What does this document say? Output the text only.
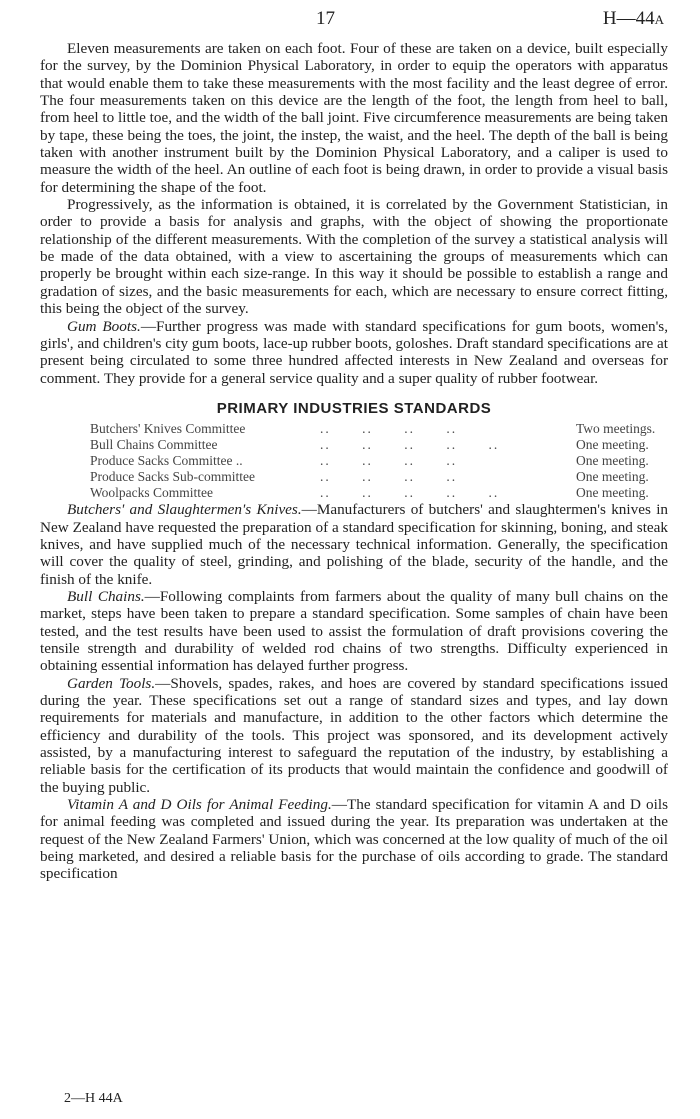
17	H—44A

Eleven measurements are taken on each foot. Four of these are taken on a device, built especially for the survey, by the Dominion Physical Laboratory, in order to equip the operators with apparatus that would enable them to take these measurements with the most facility and the least degree of error. The four measurements taken on this device are the length of the foot, the length from heel to ball, from heel to little toe, and the width of the ball joint. Five circumference measurements are being taken by tape, these being the toes, the joint, the instep, the waist, and the heel. The depth of the ball is being taken with another instrument built by the Dominion Physical Laboratory, and a caliper is used to measure the width of the heel. An outline of each foot is being drawn, in order to provide a visual basis for determining the shape of the foot.

Progressively, as the information is obtained, it is correlated by the Government Statistician, in order to provide a basis for analysis and graphs, with the object of showing the proportionate relationship of the different measurements. With the completion of the survey a statistical analysis will be made of the data obtained, with a view to ascertaining the groups of measurements which can properly be brought within each size-range. In this way it should be possible to establish a range and gradation of sizes, and the basic measurements for each, which are necessary to ensure correct fitting, this being the object of the survey.

Gum Boots.—Further progress was made with standard specifications for gum boots, women's, girls', and children's city gum boots, lace-up rubber boots, goloshes. Draft standard specifications are at present being circulated to some three hundred affected interests in New Zealand and overseas for comment. They provide for a general service quality and a super quality of rubber footwear.

PRIMARY INDUSTRIES STANDARDS
Butchers' Knives Committee	.. .. .. ..	Two meetings.
Bull Chains Committee	.. .. .. .. ..	One meeting.
Produce Sacks Committee ..	.. .. .. ..	One meeting.
Produce Sacks Sub-committee	.. .. .. ..	One meeting.
Woolpacks Committee	.. .. .. .. ..	One meeting.

Butchers' and Slaughtermen's Knives.—Manufacturers of butchers' and slaughtermen's knives in New Zealand have requested the preparation of a standard specification for skinning, boning, and steak knives, and have supplied much of the necessary technical information. Generally, the specification will cover the quality of steel, grinding, and polishing of the blade, security of the handle, and the finish of the knife.

Bull Chains.—Following complaints from farmers about the quality of many bull chains on the market, steps have been taken to prepare a standard specification. Some samples of chain have been tested, and the test results have been used to assist the formulation of draft provisions covering the tensile strength and durability of welded rod chains of two strengths. Difficulty experienced in obtaining essential information has delayed further progress.

Garden Tools.—Shovels, spades, rakes, and hoes are covered by standard specifications issued during the year. These specifications set out a range of standard sizes and types, and lay down requirements for materials and manufacture, in addition to the other factors which determine the efficiency and durability of the tools. This project was sponsored, and its development actively assisted, by a manufacturing interest to safeguard the reputation of the industry, by establishing a reliable basis for the certification of its products that would maintain the confidence and goodwill of the buying public.

Vitamin A and D Oils for Animal Feeding.—The standard specification for vitamin A and D oils for animal feeding was completed and issued during the year. Its preparation was undertaken at the request of the New Zealand Farmers' Union, which was concerned at the low quality of much of the oil being marketed, and desired a reliable basis for the purchase of oils according to grade. The standard specification

2—H 44A
